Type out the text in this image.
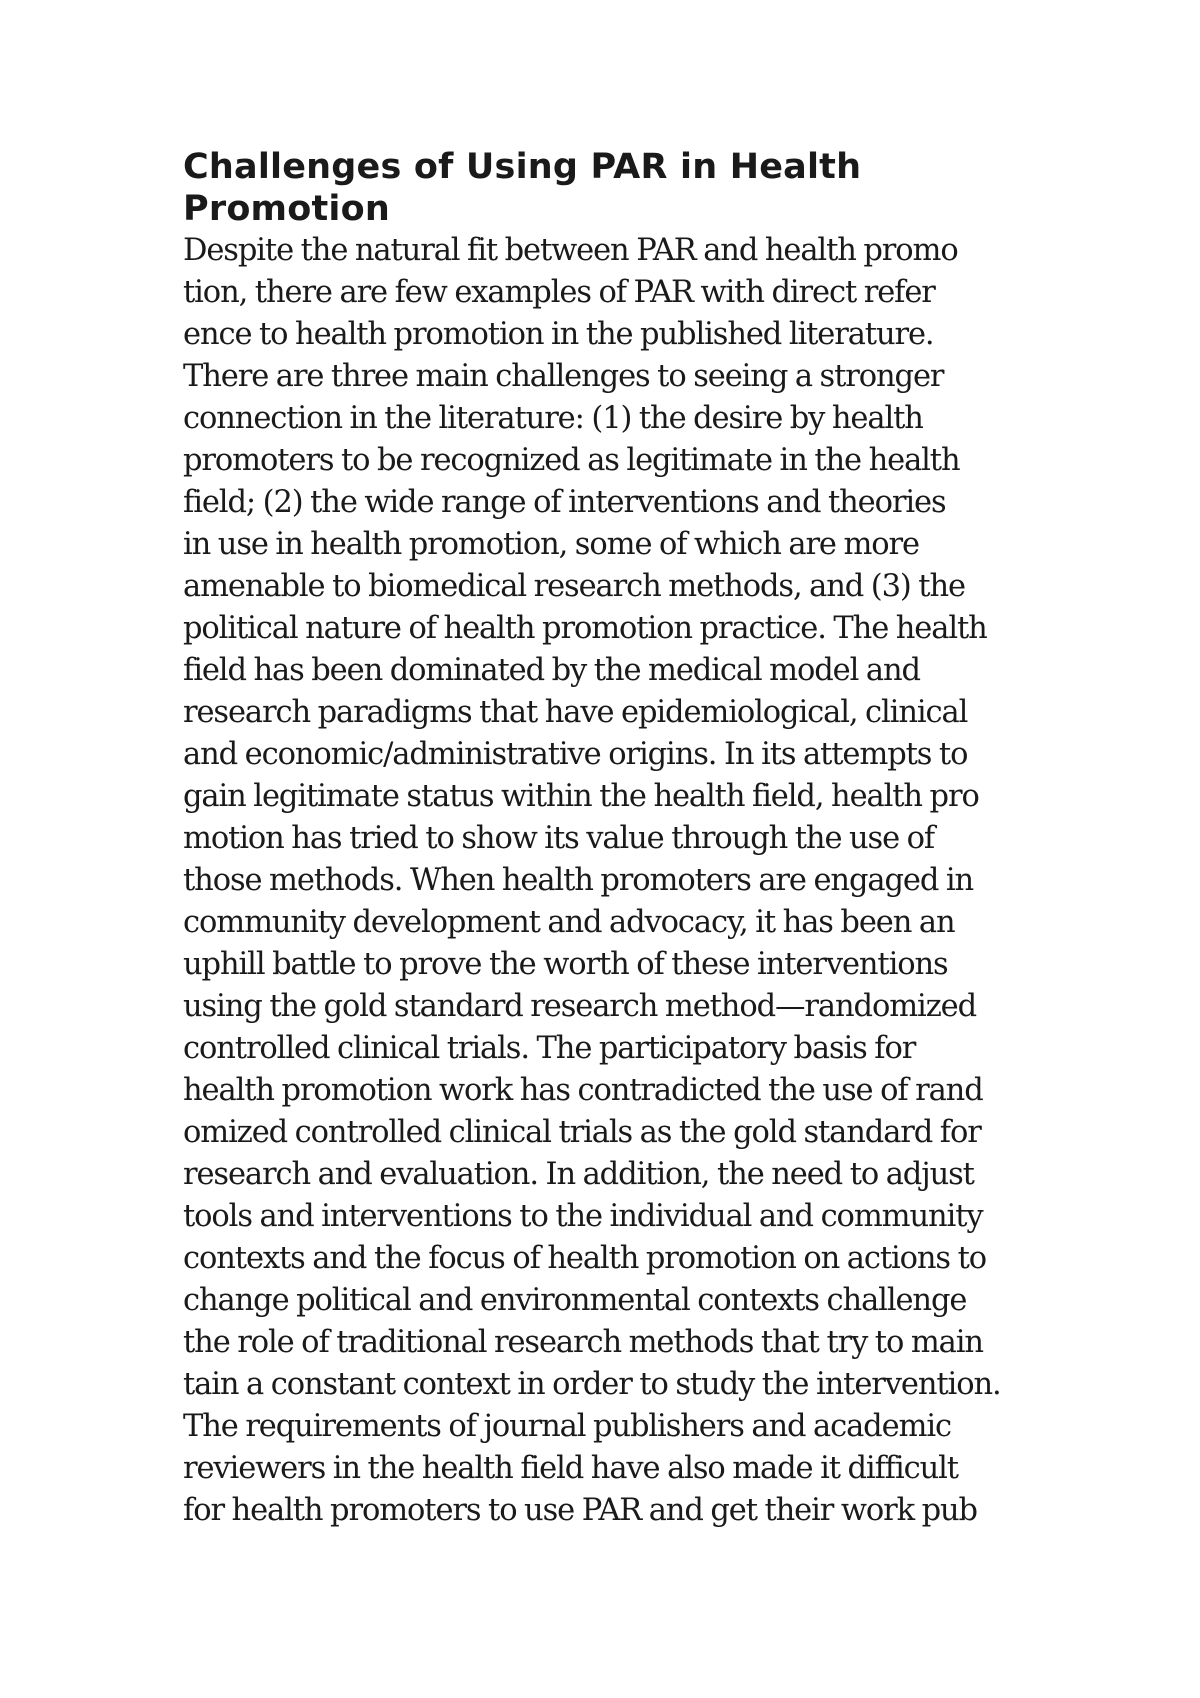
Challenges of Using PAR in Health
Promotion
Despite the natural fit between PAR and health promo
tion, there are few examples of PAR with direct refer
ence to health promotion in the published literature.
There are three main challenges to seeing a stronger
connection in the literature: (1) the desire by health
promoters to be recognized as legitimate in the health
field; (2) the wide range of interventions and theories
in use in health promotion, some of which are more
amenable to biomedical research methods, and (3) the
political nature of health promotion practice. The health
field has been dominated by the medical model and
research paradigms that have epidemiological, clinical
and economic/administrative origins. In its attempts to
gain legitimate status within the health field, health pro
motion has tried to show its value through the use of
those methods. When health promoters are engaged in
community development and advocacy, it has been an
uphill battle to prove the worth of these interventions
using the gold standard research method—randomized
controlled clinical trials. The participatory basis for
health promotion work has contradicted the use of rand
omized controlled clinical trials as the gold standard for
research and evaluation. In addition, the need to adjust
tools and interventions to the individual and community
contexts and the focus of health promotion on actions to
change political and environmental contexts challenge
the role of traditional research methods that try to main
tain a constant context in order to study the intervention.
The requirements of journal publishers and academic
reviewers in the health field have also made it difficult
for health promoters to use PAR and get their work pub
